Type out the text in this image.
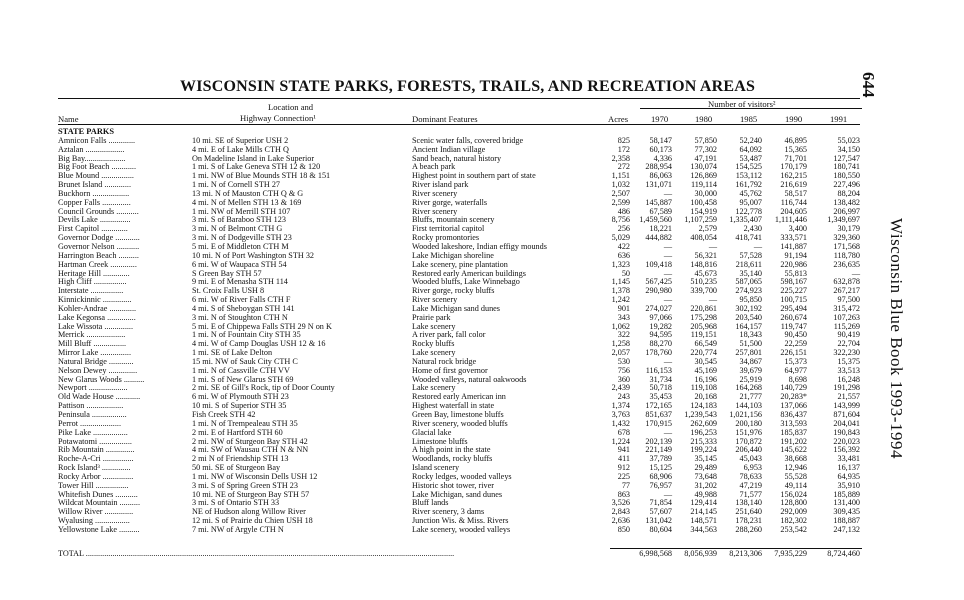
644
Wisconsin Blue Book 1993-1994
WISCONSIN STATE PARKS, FORESTS, TRAILS, AND RECREATION AREAS
Name
Location and
Highway Connection¹	Dominant Features	Acres
Number of visitors²
1970	1980	1985	1990	1991
STATE PARKS
Amnicon Falls .............	10 mi. SE of Superior USH 2	Scenic water falls, covered bridge	825 58,147	57,850	52,240	46,895	55,023
Aztalan ...................	4 mi. E of Lake Mills CTH Q	Ancient Indian village	172 60,173	77,302	64,092	15,365	34,150
Big Bay....................	On Madeline Island in Lake Superior	Sand beach, natural history	2,358	4,336	47,191	53,487	71,701	127,547
Big Foot Beach ............	1 mi. S of Lake Geneva STH 12 & 120	A beach park	272 288,954 130,074 154,525 170,179	180,741
Blue Mound ................	1 mi. NW of Blue Mounds STH 18 & 151	Highest point in southern part of state	1,151 86,063 126,869 153,112 162,215	180,550
Brunet Island .............	1 mi. N of Cornell STH 27	River island park	1,032 131,071 119,114 161,792 216,619	227,496
Buckhorn ..................	13 mi. N of Mauston CTH Q & G	River scenery	2,507	—	30,000	45,762	58,517	88,204
Copper Falls ..............	4 mi. N of Mellen STH 13 & 169	River gorge, waterfalls	2,599 145,887 100,458	95,007 116,744	138,482
Council Grounds ...........	1 mi. NW of Merrill STH 107	River scenery	486 67,589 154,919 122,778 204,605	206,997
Devils Lake ...............	3 mi. S of Baraboo STH 123	Bluffs, mountain scenery	8,756 1,459,560 1,107,259 1,335,407 1,111,446 1,349,697
First Capitol .............	3 mi. N of Belmont CTH G	First territorial capitol	256 18,221	2,579	2,430	3,400	30,179
Governor Dodge ............	3 mi. N of Dodgeville STH 23	Rocky promontories	5,029 444,882 408,054 418,741 333,571	329,360
Governor Nelson ...........	5 mi. E of Middleton CTH M	Wooded lakeshore, Indian effigy mounds	422	—	—	— 141,887	171,568
Harrington Beach ..........	10 mi. N of Port Washington STH 32	Lake Michigan shoreline	636	—	56,321	57,528	91,194	118,780
Hartman Creek .............	6 mi. W of Waupaca STH 54	Lake scenery, pine plantation	1,323 109,418 148,816 218,611 220,986	236,635
Heritage Hill .............	S Green Bay STH 57	Restored early American buildings	50	—	45,673	35,140	55,813	—
High Cliff ................	9 mi. E of Menasha STH 114	Wooded bluffs, Lake Winnebago	1,145 567,425 510,235 587,065 598,167	632,878
Interstate ................	St. Croix Falls USH 8	River gorge, rocky bluffs	1,378 290,980 339,700 274,923 225,227	267,217
Kinnickinnic ..............	6 mi. W of River Falls CTH F	River scenery	1,242	—	—	95,850 100,715	97,500
Kohler-Andrae .............	4 mi. S of Sheboygan STH 141	Lake Michigan sand dunes	901 274,027 220,861 302,192 295,494	315,472
Lake Kegonsa ..............	3 mi. N of Stoughton CTH N	Prairie park	343 97,066 175,298 203,540 260,674	107,263
Lake Wissota ..............	5 mi. E of Chippewa Falls STH 29 N on K	Lake scenery	1,062 19,282 205,968 164,157 119,747	115,269
Merrick ...................	1 mi. N of Fountain City STH 35	A river park, fall color	322 94,595 119,151	18,343	90,450	90,419
Mill Bluff ................	4 mi. W of Camp Douglas USH 12 & 16	Rocky bluffs	1,258 88,270	66,549	51,500	22,259	22,704
Mirror Lake ...............	1 mi. SE of Lake Delton	Lake scenery	2,057 178,760 220,774 257,801 226,151	322,230
Natural Bridge ............	15 mi. NW of Sauk City CTH C	Natural rock bridge	530	—	30,545	34,867	15,373	15,375
Nelson Dewey ..............	1 mi. N of Cassville CTH VV	Home of first governor	756 116,153	45,169	39,679	64,977	33,513
New Glarus Woods ..........	1 mi. S of New Glarus STH 69	Wooded valleys, natural oakwoods	360 31,734	16,196	25,919	8,698	16,248
Newport ...................	2 mi. SE of Gill's Rock, tip of Door County	Lake scenery	2,439 50,718 119,108 164,268 140,729	191,298
Old Wade House ............	6 mi. W of Plymouth STH 23	Restored early American inn	243 35,453	20,168	21,777 20,283*	21,557
Pattison ..................	10 mi. S of Superior STH 35	Highest waterfall in state	1,374 172,165 124,183 144,103 137,066	143,999
Peninsula .................	Fish Creek STH 42	Green Bay, limestone bluffs	3,763 851,637 1,239,543 1,021,156 836,437	871,604
Perrot ....................	1 mi. N of Trempealeau STH 35	River scenery, wooded bluffs	1,432 170,915 262,609 200,180 313,593	204,041
Pike Lake .................	2 mi. E of Hartford STH 60	Glacial lake	678	— 196,253 151,976 185,837	190,843
Potawatomi ................	2 mi. NW of Sturgeon Bay STH 42	Limestone bluffs	1,224 202,139 215,333 170,872 191,202	220,023
Rib Mountain ..............	4 mi. SW of Wausau CTH N & NN	A high point in the state	941 221,149 199,224 206,440 145,622	156,392
Roche-A-Cri ...............	2 mi N of Friendship STH 13	Woodlands, rocky bluffs	411 37,789	35,145	45,043	38,668	33,481
Rock Island³ ..............	50 mi. SE of Sturgeon Bay	Island scenery	912 15,125	29,489	6,953	12,946	16,137
Rocky Arbor ...............	1 mi. NW of Wisconsin Dells USH 12	Rocky ledges, wooded valleys	225 68,906	73,648	78,633	55,528	64,935
Tower Hill ................	3 mi. S of Spring Green STH 23	Historic shot tower, river	77 76,957	31,202	47,219	49,114	35,910
Whitefish Dunes ...........	10 mi. NE of Sturgeon Bay STH 57	Lake Michigan, sand dunes	863	—	49,988	71,577 156,024	185,889
Wildcat Mountain ..........	3 mi. S of Ontario STH 33	Bluff lands	3,526 71,854 129,414 138,140 128,800	131,400
Willow River ..............	NE of Hudson along Willow River	River scenery, 3 dams	2,843 57,607 214,145 251,640 292,009	309,435
Wyalusing .................	12 mi. S of Prairie du Chien USH 18	Junction Wis. & Miss. Rivers	2,636 131,042 148,571 178,231 182,302	188,887
Yellowstone Lake ..........	7 mi. NW of Argyle CTH N	Lake scenery, wooded valleys	850 80,604 344,563 288,260 253,542	247,132
TOTAL ....................................................................................................................................................................................	6,998,568 8,056,939 8,213,306 7,935,229 8,724,460
